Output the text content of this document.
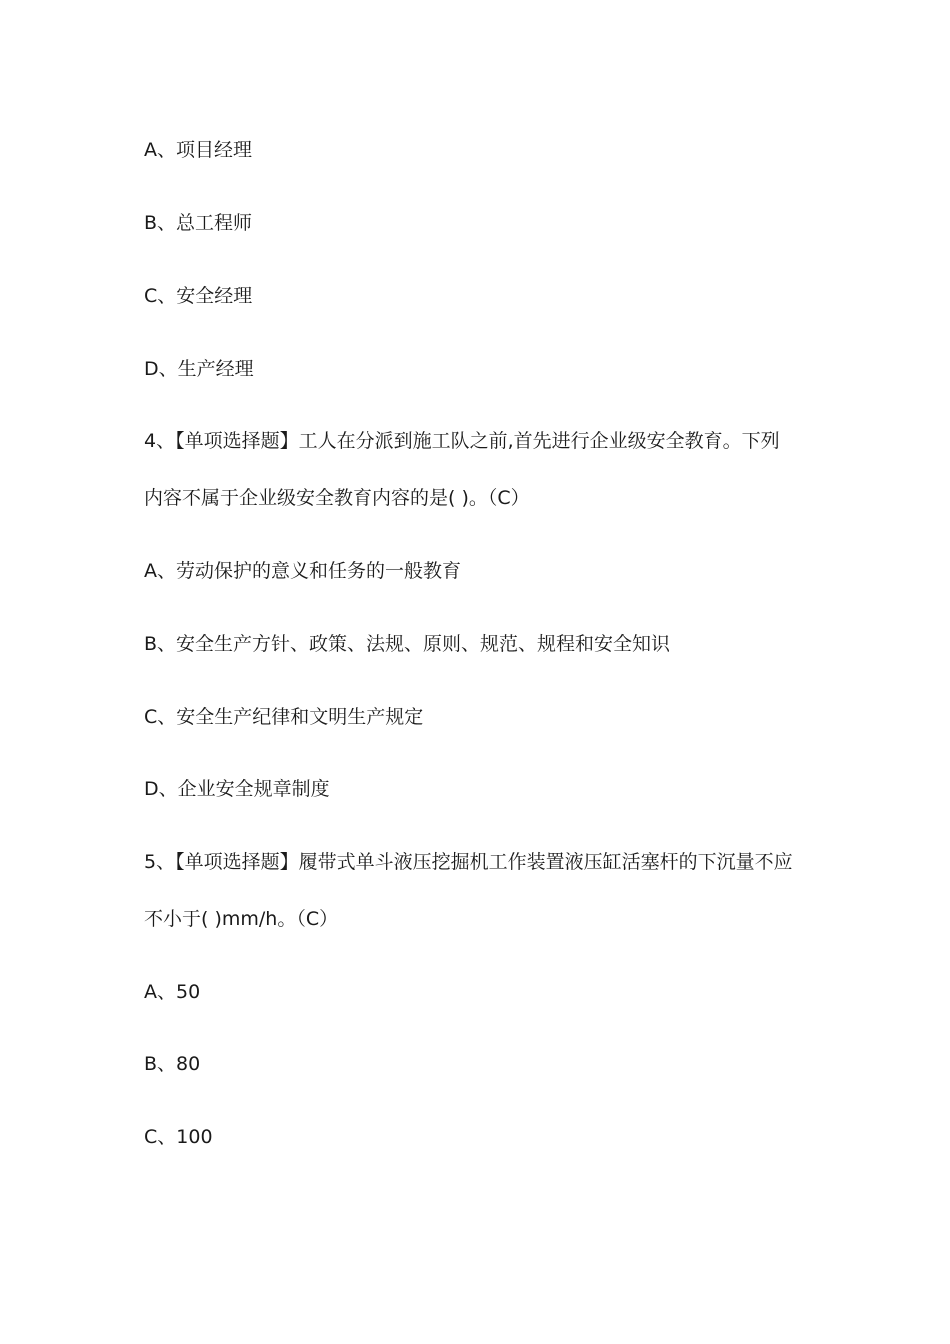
A、项目经理
B、总工程师
C、安全经理
D、生产经理
4、【单项选择题】工人在分派到施工队之前,首先进行企业级安全教育。下列
内容不属于企业级安全教育内容的是( )。（C）
A、劳动保护的意义和任务的一般教育
B、安全生产方针、政策、法规、原则、规范、规程和安全知识
C、安全生产纪律和文明生产规定
D、企业安全规章制度
5、【单项选择题】履带式单斗液压挖掘机工作装置液压缸活塞杆的下沉量不应
不小于( )mm/h。（C）
A、50
B、80
C、100
